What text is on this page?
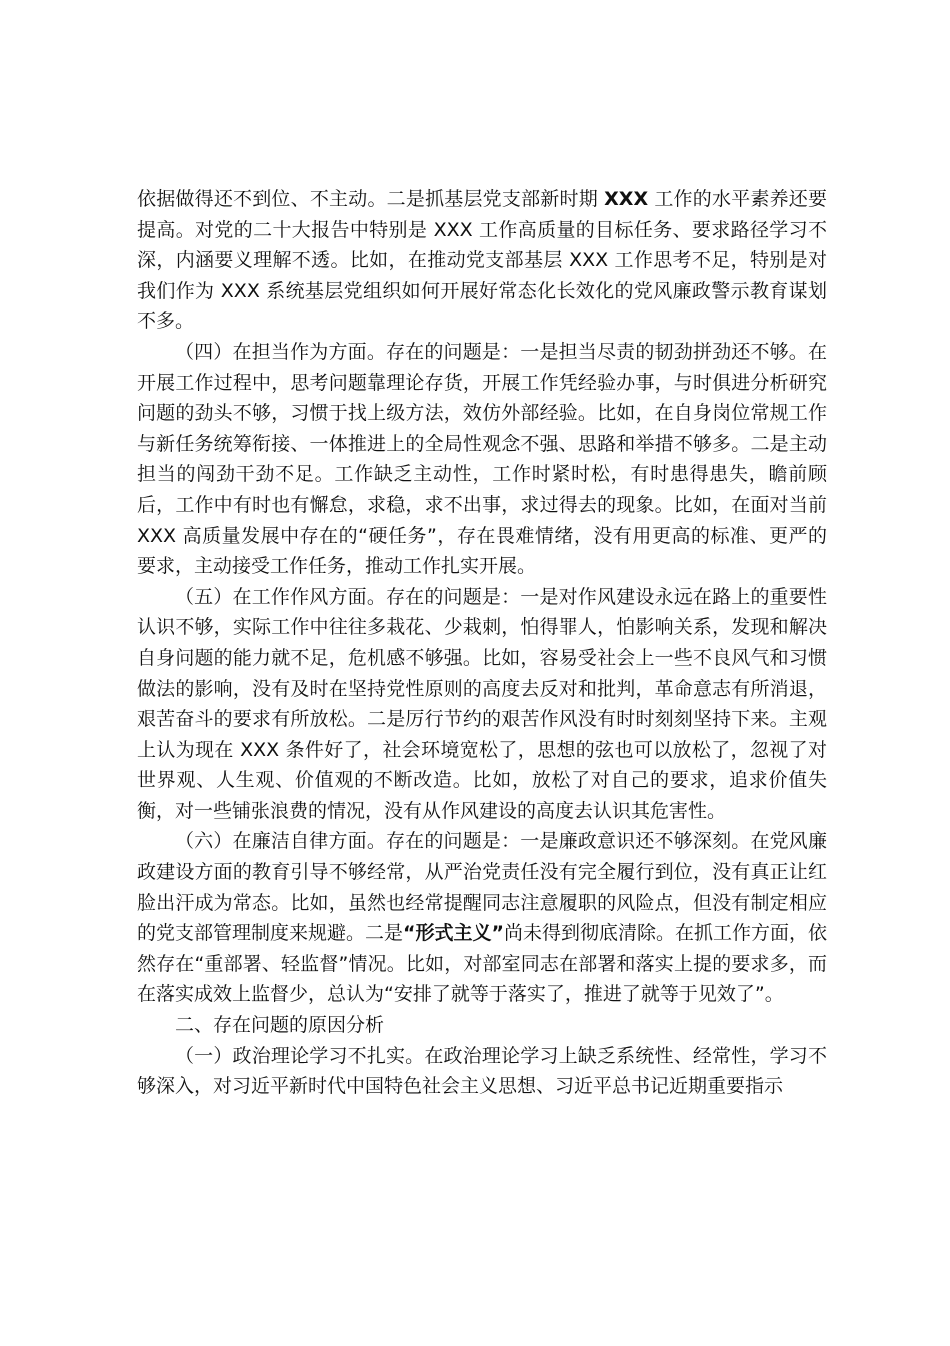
依据做得还不到位、不主动。二是抓基层党支部新时期 XXX 工作的水平素养还要提高。对党的二十大报告中特别是 XXX 工作高质量的目标任务、要求路径学习不深，内涵要义理解不透。比如，在推动党支部基层 XXX 工作思考不足，特别是对我们作为 XXX 系统基层党组织如何开展好常态化长效化的党风廉政警示教育谋划不多。

（四）在担当作为方面。存在的问题是：一是担当尽责的韧劲拼劲还不够。在开展工作过程中，思考问题靠理论存货，开展工作凭经验办事，与时俱进分析研究问题的劲头不够，习惯于找上级方法，效仿外部经验。比如，在自身岗位常规工作与新任务统筹衔接、一体推进上的全局性观念不强、思路和举措不够多。二是主动担当的闯劲干劲不足。工作缺乏主动性，工作时紧时松，有时患得患失，瞻前顾后，工作中有时也有懈怠，求稳，求不出事，求过得去的现象。比如，在面对当前 XXX 高质量发展中存在的“硬任务”，存在畏难情绪，没有用更高的标准、更严的要求，主动接受工作任务，推动工作扎实开展。

（五）在工作作风方面。存在的问题是：一是对作风建设永远在路上的重要性认识不够，实际工作中往往多栽花、少栽刺，怕得罪人，怕影响关系，发现和解决自身问题的能力就不足，危机感不够强。比如，容易受社会上一些不良风气和习惯做法的影响，没有及时在坚持党性原则的高度去反对和批判，革命意志有所消退，艰苦奋斗的要求有所放松。二是厉行节约的艰苦作风没有时时刻刻坚持下来。主观上认为现在 XXX 条件好了，社会环境宽松了，思想的弦也可以放松了，忽视了对世界观、人生观、价值观的不断改造。比如，放松了对自己的要求，追求价值失衡，对一些铺张浪费的情况，没有从作风建设的高度去认识其危害性。

（六）在廉洁自律方面。存在的问题是：一是廉政意识还不够深刻。在党风廉政建设方面的教育引导不够经常，从严治党责任没有完全履行到位，没有真正让红脸出汗成为常态。比如，虽然也经常提醒同志注意履职的风险点，但没有制定相应的党支部管理制度来规避。二是“形式主义”尚未得到彻底清除。在抓工作方面，依然存在“重部署、轻监督”情况。比如，对部室同志在部署和落实上提的要求多，而在落实成效上监督少，总认为“安排了就等于落实了，推进了就等于见效了”。

二、存在问题的原因分析

（一）政治理论学习不扎实。在政治理论学习上缺乏系统性、经常性，学习不够深入，对习近平新时代中国特色社会主义思想、习近平总书记近期重要指示
